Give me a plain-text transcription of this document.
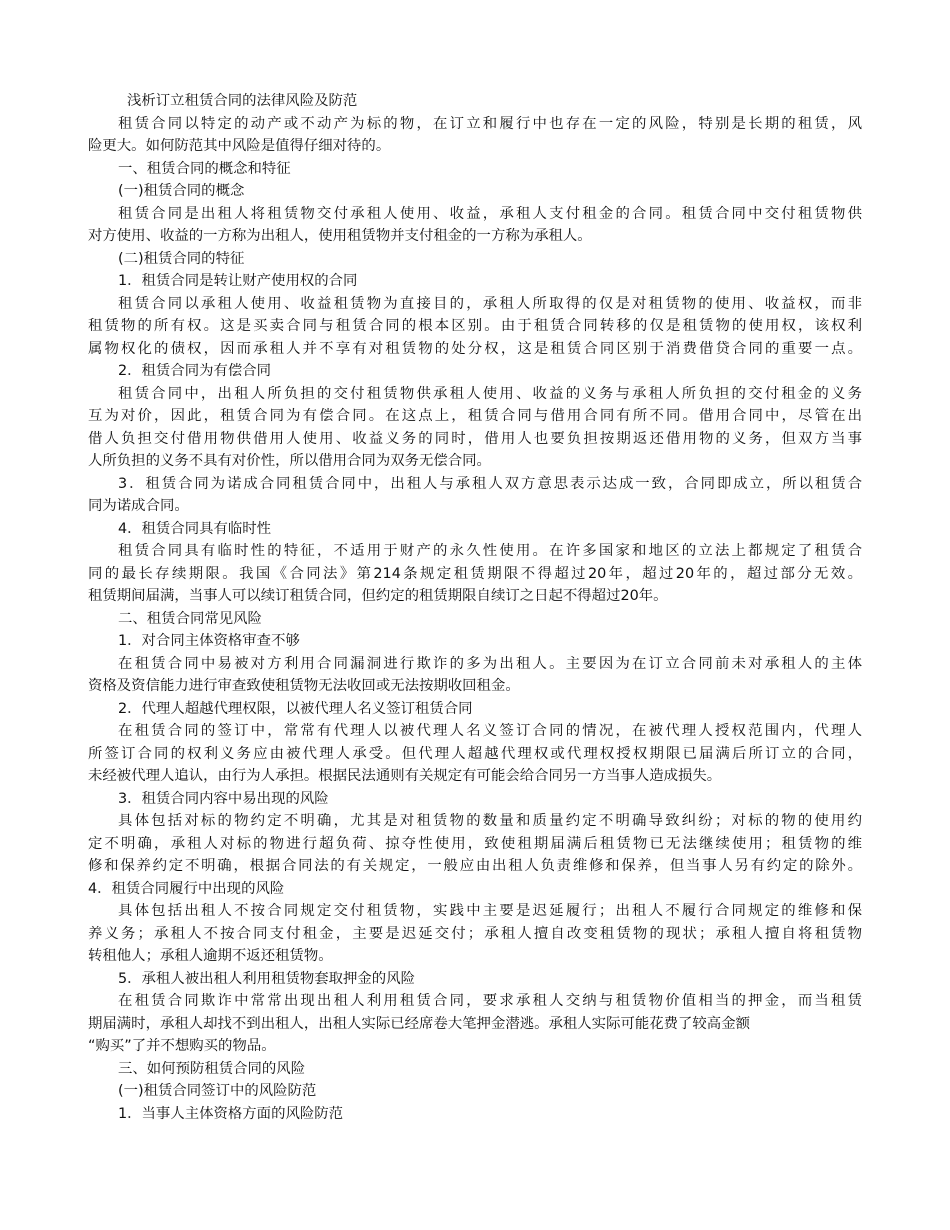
浅析订立租赁合同的法律风险及防范
租赁合同以特定的动产或不动产为标的物，在订立和履行中也存在一定的风险，特别是长期的租赁，风
险更大。如何防范其中风险是值得仔细对待的。
一、租赁合同的概念和特征
(一)租赁合同的概念
租赁合同是出租人将租赁物交付承租人使用、收益，承租人支付租金的合同。租赁合同中交付租赁物供
对方使用、收益的一方称为出租人，使用租赁物并支付租金的一方称为承租人。
(二)租赁合同的特征
1．租赁合同是转让财产使用权的合同
租赁合同以承租人使用、收益租赁物为直接目的，承租人所取得的仅是对租赁物的使用、收益权，而非
租赁物的所有权。这是买卖合同与租赁合同的根本区别。由于租赁合同转移的仅是租赁物的使用权，该权利
属物权化的债权，因而承租人并不享有对租赁物的处分权，这是租赁合同区别于消费借贷合同的重要一点。
2．租赁合同为有偿合同
租赁合同中，出租人所负担的交付租赁物供承租人使用、收益的义务与承租人所负担的交付租金的义务
互为对价，因此，租赁合同为有偿合同。在这点上，租赁合同与借用合同有所不同。借用合同中，尽管在出
借人负担交付借用物供借用人使用、收益义务的同时，借用人也要负担按期返还借用物的义务，但双方当事
人所负担的义务不具有对价性，所以借用合同为双务无偿合同。
3．租赁合同为诺成合同租赁合同中，出租人与承租人双方意思表示达成一致，合同即成立，所以租赁合
同为诺成合同。
4．租赁合同具有临时性
租赁合同具有临时性的特征，不适用于财产的永久性使用。在许多国家和地区的立法上都规定了租赁合
同的最长存续期限。我国《合同法》第214条规定租赁期限不得超过20年，超过20年的，超过部分无效。
租赁期间届满，当事人可以续订租赁合同，但约定的租赁期限自续订之日起不得超过20年。
二、租赁合同常见风险
1．对合同主体资格审查不够
在租赁合同中易被对方利用合同漏洞进行欺诈的多为出租人。主要因为在订立合同前未对承租人的主体
资格及资信能力进行审查致使租赁物无法收回或无法按期收回租金。
2．代理人超越代理权限，以被代理人名义签订租赁合同
在租赁合同的签订中，常常有代理人以被代理人名义签订合同的情况，在被代理人授权范围内，代理人
所签订合同的权利义务应由被代理人承受。但代理人超越代理权或代理权授权期限已届满后所订立的合同，
未经被代理人追认，由行为人承担。根据民法通则有关规定有可能会给合同另一方当事人造成损失。
3．租赁合同内容中易出现的风险
具体包括对标的物约定不明确，尤其是对租赁物的数量和质量约定不明确导致纠纷；对标的物的使用约
定不明确，承租人对标的物进行超负荷、掠夺性使用，致使租期届满后租赁物已无法继续使用；租赁物的维
修和保养约定不明确，根据合同法的有关规定，一般应由出租人负责维修和保养，但当事人另有约定的除外。
4．租赁合同履行中出现的风险
具体包括出租人不按合同规定交付租赁物，实践中主要是迟延履行；出租人不履行合同规定的维修和保
养义务；承租人不按合同支付租金，主要是迟延交付；承租人擅自改变租赁物的现状；承租人擅自将租赁物
转租他人；承租人逾期不返还租赁物。
5．承租人被出租人利用租赁物套取押金的风险
在租赁合同欺诈中常常出现出租人利用租赁合同，要求承租人交纳与租赁物价值相当的押金，而当租赁
期届满时，承租人却找不到出租人，出租人实际已经席卷大笔押金潜逃。承租人实际可能花费了较高金额
“购买”了并不想购买的物品。
三、如何预防租赁合同的风险
(一)租赁合同签订中的风险防范
1．当事人主体资格方面的风险防范
